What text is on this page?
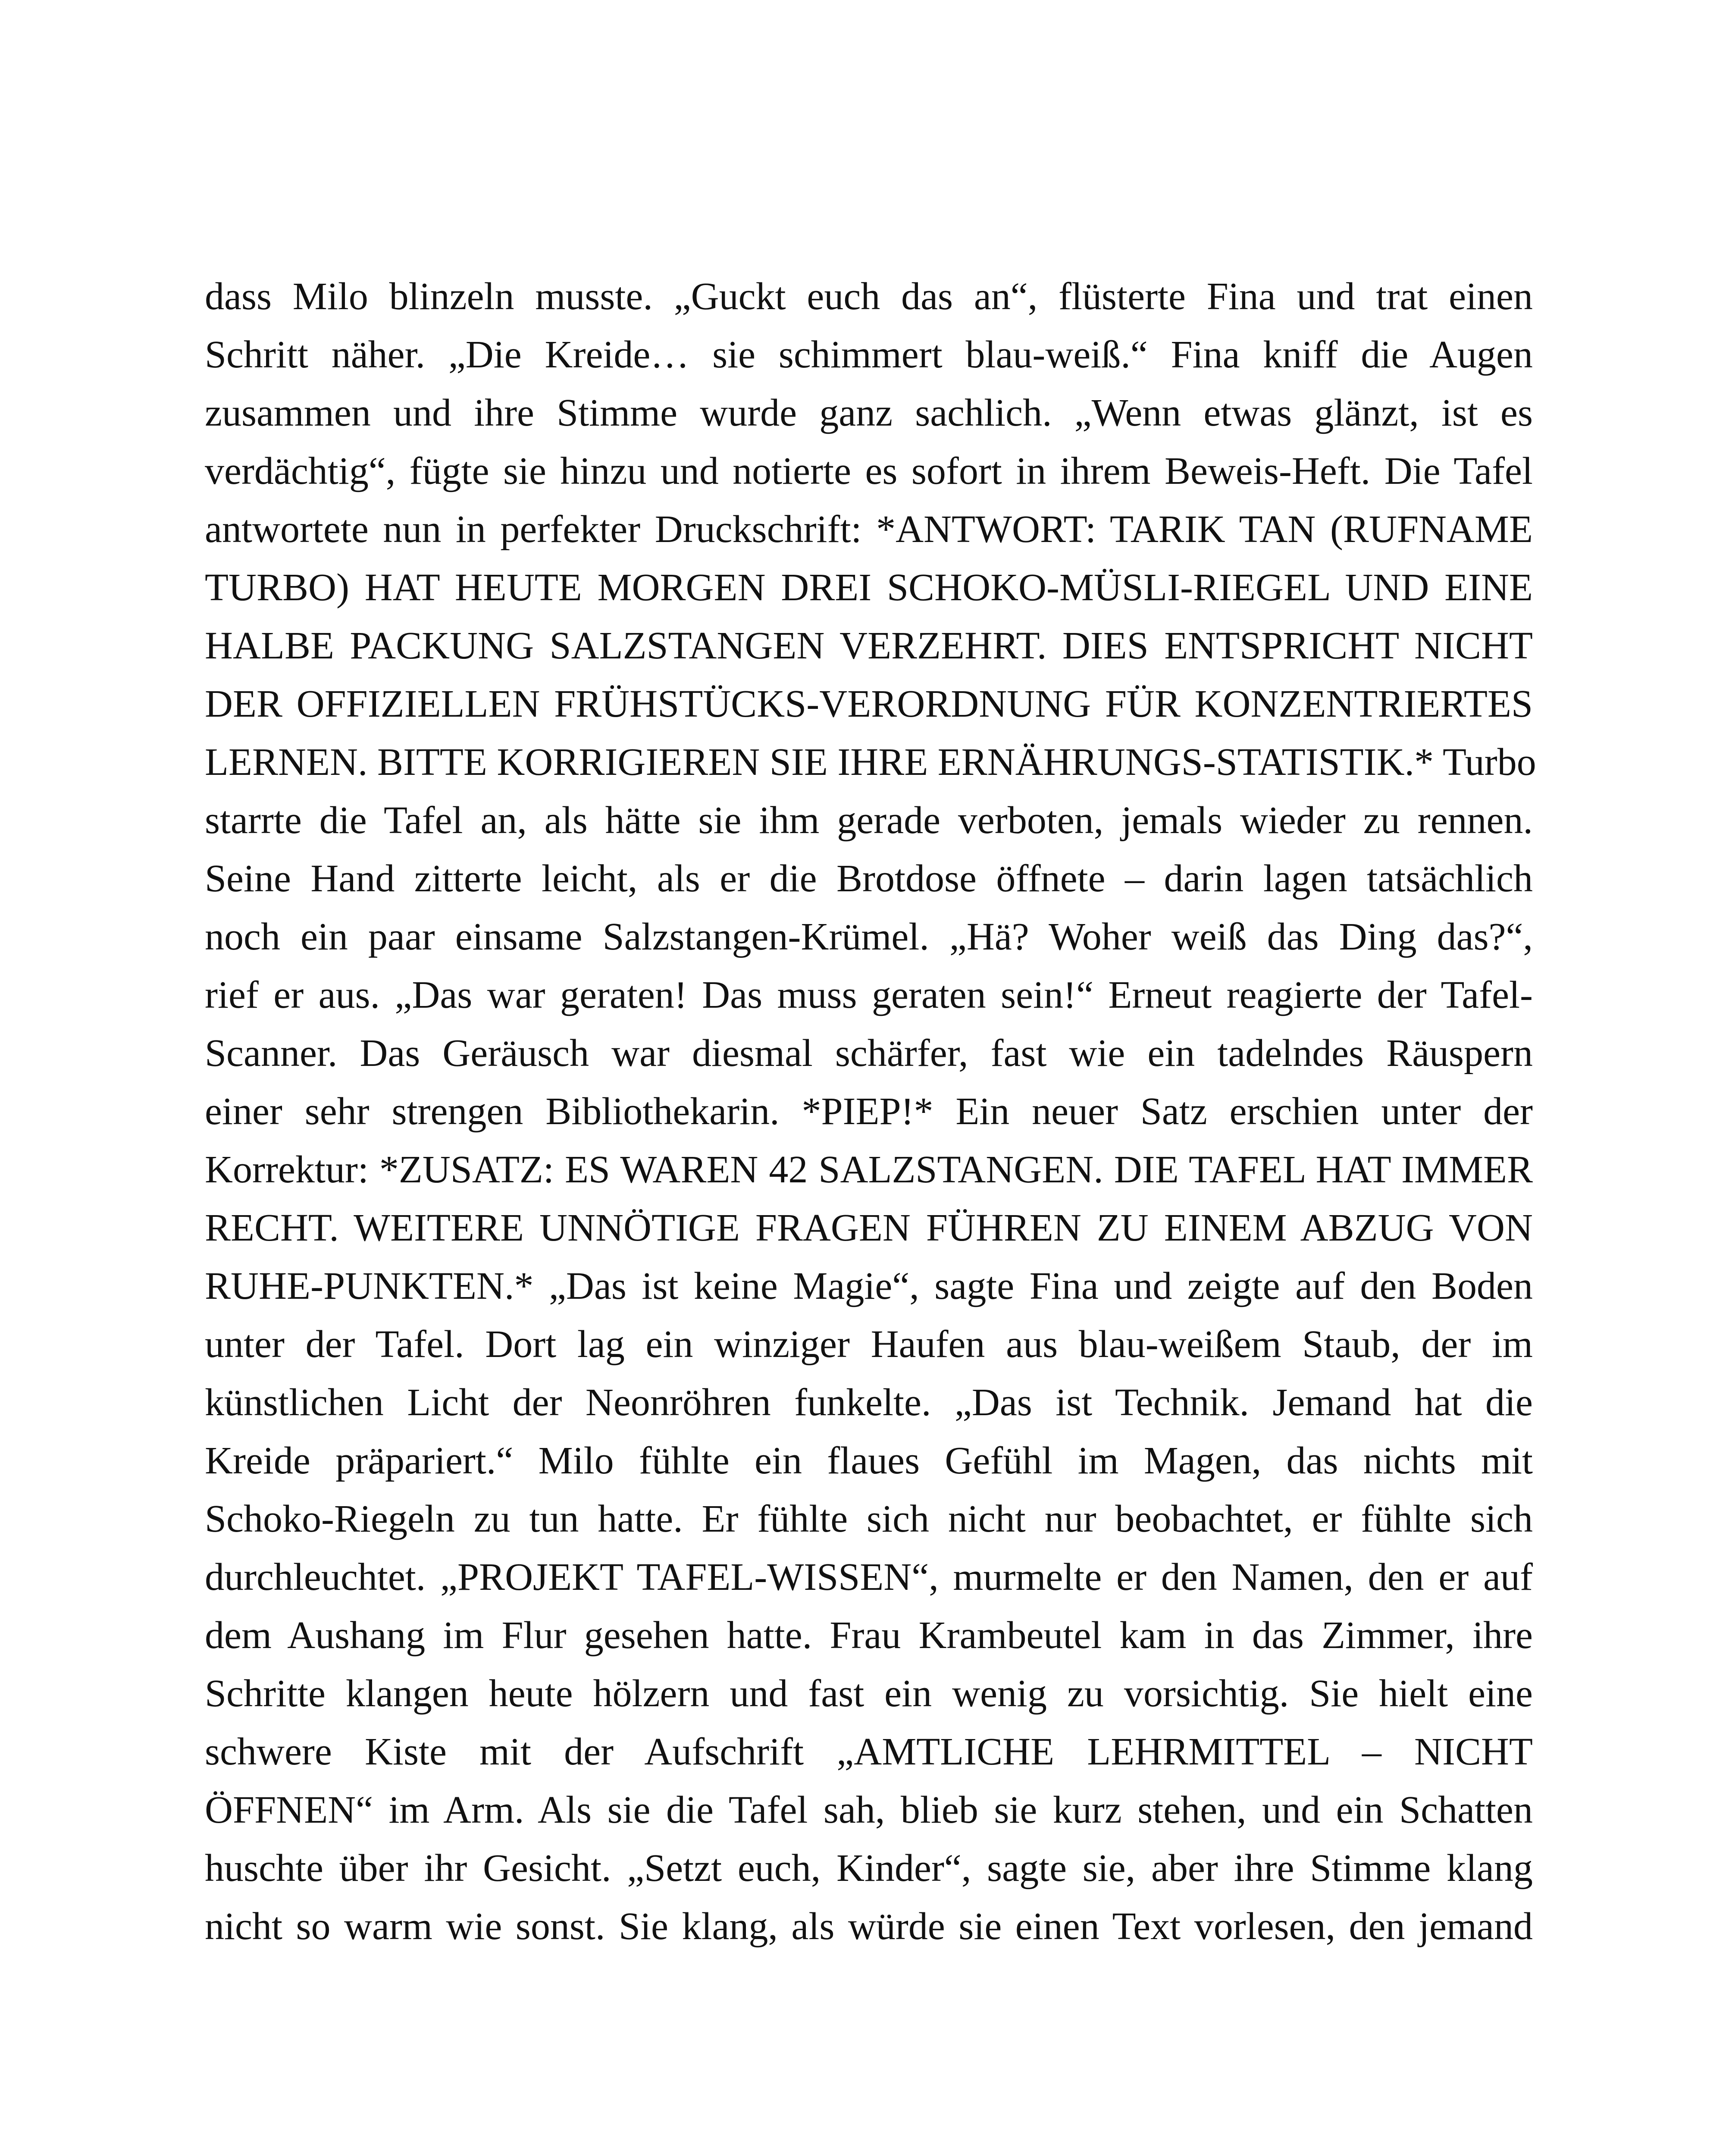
dass Milo blinzeln musste. „Guckt euch das an“, flüsterte Fina und trat einen
Schritt näher. „Die Kreide… sie schimmert blau-weiß.“ Fina kniff die Augen
zusammen und ihre Stimme wurde ganz sachlich. „Wenn etwas glänzt, ist es
verdächtig“, fügte sie hinzu und notierte es sofort in ihrem Beweis-Heft. Die Tafel
antwortete nun in perfekter Druckschrift: *ANTWORT: TARIK TAN (RUFNAME
TURBO) HAT HEUTE MORGEN DREI SCHOKO-MÜSLI-RIEGEL UND EINE
HALBE PACKUNG SALZSTANGEN VERZEHRT. DIES ENTSPRICHT NICHT
DER OFFIZIELLEN FRÜHSTÜCKS-VERORDNUNG FÜR KONZENTRIERTES
LERNEN. BITTE KORRIGIEREN SIE IHRE ERNÄHRUNGS-STATISTIK.* Turbo
starrte die Tafel an, als hätte sie ihm gerade verboten, jemals wieder zu rennen.
Seine Hand zitterte leicht, als er die Brotdose öffnete – darin lagen tatsächlich
noch ein paar einsame Salzstangen-Krümel. „Hä? Woher weiß das Ding das?“,
rief er aus. „Das war geraten! Das muss geraten sein!“ Erneut reagierte der Tafel-
Scanner. Das Geräusch war diesmal schärfer, fast wie ein tadelndes Räuspern
einer sehr strengen Bibliothekarin. *PIEP!* Ein neuer Satz erschien unter der
Korrektur: *ZUSATZ: ES WAREN 42 SALZSTANGEN. DIE TAFEL HAT IMMER
RECHT. WEITERE UNNÖTIGE FRAGEN FÜHREN ZU EINEM ABZUG VON
RUHE-PUNKTEN.* „Das ist keine Magie“, sagte Fina und zeigte auf den Boden
unter der Tafel. Dort lag ein winziger Haufen aus blau-weißem Staub, der im
künstlichen Licht der Neonröhren funkelte. „Das ist Technik. Jemand hat die
Kreide präpariert.“ Milo fühlte ein flaues Gefühl im Magen, das nichts mit
Schoko-Riegeln zu tun hatte. Er fühlte sich nicht nur beobachtet, er fühlte sich
durchleuchtet. „PROJEKT TAFEL-WISSEN“, murmelte er den Namen, den er auf
dem Aushang im Flur gesehen hatte. Frau Krambeutel kam in das Zimmer, ihre
Schritte klangen heute hölzern und fast ein wenig zu vorsichtig. Sie hielt eine
schwere Kiste mit der Aufschrift „AMTLICHE LEHRMITTEL – NICHT
ÖFFNEN“ im Arm. Als sie die Tafel sah, blieb sie kurz stehen, und ein Schatten
huschte über ihr Gesicht. „Setzt euch, Kinder“, sagte sie, aber ihre Stimme klang
nicht so warm wie sonst. Sie klang, als würde sie einen Text vorlesen, den jemand
